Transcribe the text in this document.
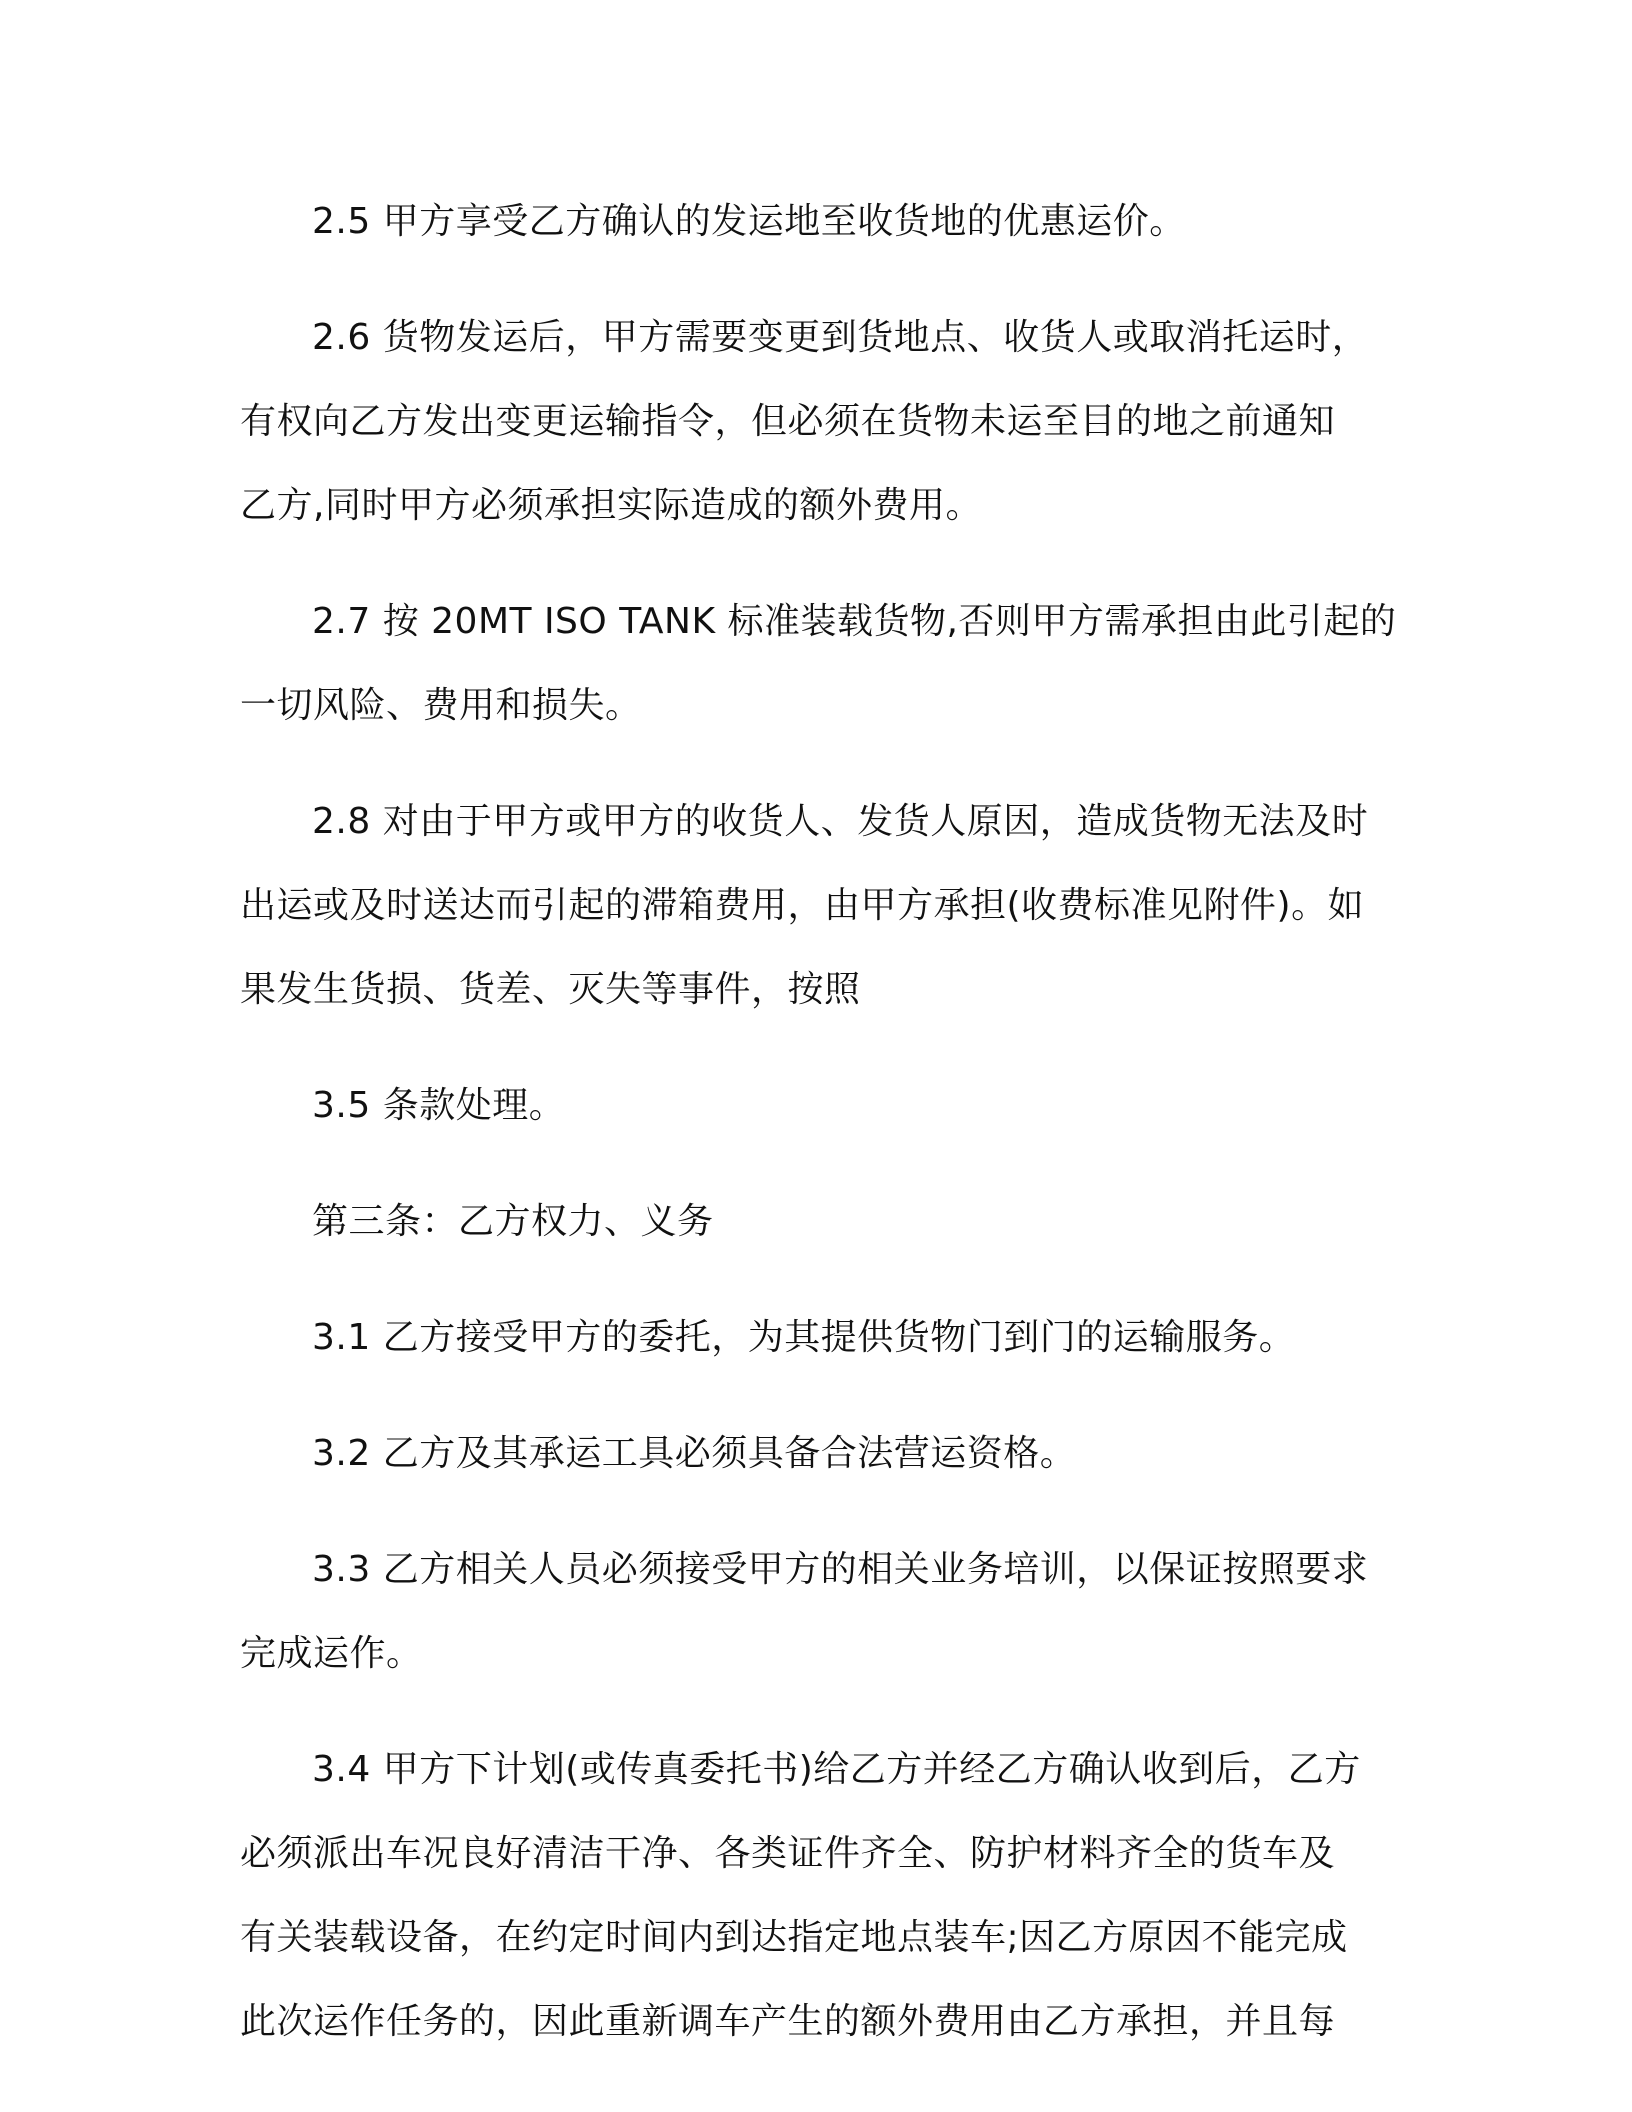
2.5 甲方享受乙方确认的发运地至收货地的优惠运价。

2.6 货物发运后，甲方需要变更到货地点、收货人或取消托运时，
有权向乙方发出变更运输指令，但必须在货物未运至目的地之前通知
乙方,同时甲方必须承担实际造成的额外费用。

2.7 按 20MT ISO TANK 标准装载货物,否则甲方需承担由此引起的
一切风险、费用和损失。

2.8 对由于甲方或甲方的收货人、发货人原因，造成货物无法及时
出运或及时送达而引起的滞箱费用，由甲方承担(收费标准见附件)。如
果发生货损、货差、灭失等事件，按照

3.5 条款处理。

第三条：乙方权力、义务

3.1 乙方接受甲方的委托，为其提供货物门到门的运输服务。

3.2 乙方及其承运工具必须具备合法营运资格。

3.3 乙方相关人员必须接受甲方的相关业务培训，以保证按照要求
完成运作。

3.4 甲方下计划(或传真委托书)给乙方并经乙方确认收到后，乙方
必须派出车况良好清洁干净、各类证件齐全、防护材料齐全的货车及
有关装载设备，在约定时间内到达指定地点装车;因乙方原因不能完成
此次运作任务的，因此重新调车产生的额外费用由乙方承担，并且每
